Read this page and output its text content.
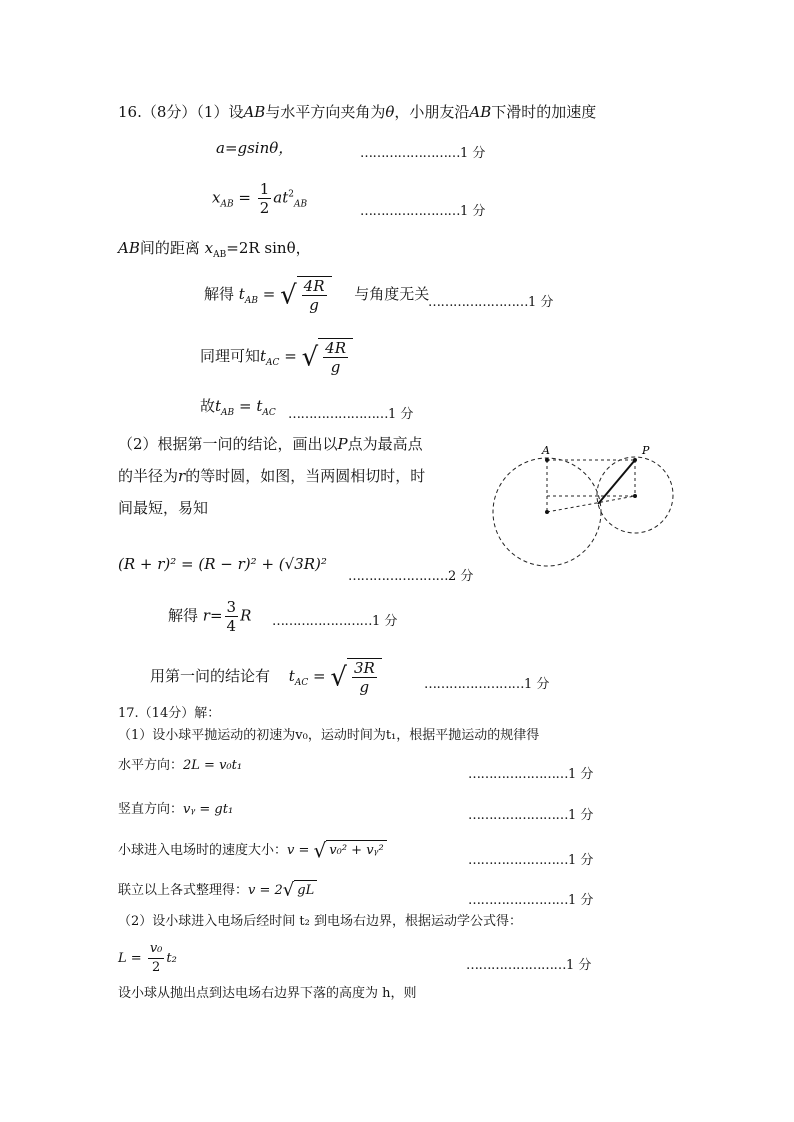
16.（8分）（1）设AB与水平方向夹角为θ，小朋友沿AB下滑时的加速度
a=gsinθ，	……………………1 分
$x_{AB} = \frac{1}{2} at^2_{AB}$	……………………1 分
AB间的距离 $x_{AB}=2R$ sinθ，
解得 $t_{AB}$ = √ $\frac{4R}{g}$ 与角度无关
……………………1 分
同理可知$t_{AC}$ = √ $\frac{4R}{g}$
故$t_{AB} = t_{AC}$ ……………………1 分
（2）根据第一问的结论，画出以P点为最高点
的半径为r的等时圆，如图，当两圆相切时，时
间最短，易知
A	P
(R + r)² = (R − r)² + (√3R)²
……………………2 分
解得 $r= \frac{3}{4}$ R ……………………1 分
用第一问的结论有 $t_{AC}$ = √ $\frac{3R}{g}$	……………………1 分
17.（14分）解：
（1）设小球平抛运动的初速为v₀，运动时间为t₁，根据平抛运动的规律得
水平方向：2L = v₀t₁
……………………1 分
竖直方向：vᵧ = gt₁	……………………1 分
小球进入电场时的速度大小：v = √ v₀² + vᵧ²
……………………1 分
联立以上各式整理得：v = 2√ gL
……………………1 分
（2）设小球进入电场后经时间 t₂ 到电场右边界，根据运动学公式得：
$L = \frac{\text{v₀}}{2} t_2$	……………………1 分
设小球从抛出点到达电场右边界下落的高度为 h，则
